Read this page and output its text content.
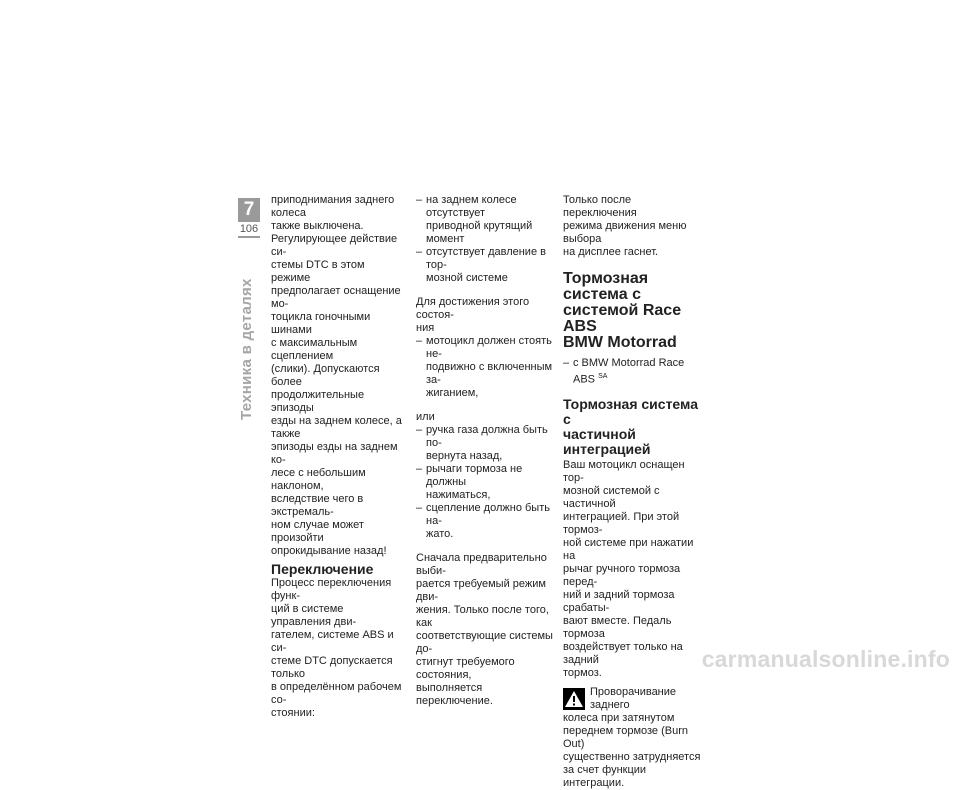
7
106
Техника в деталях
приподнимания заднего колеса
также выключена.
Регулирующее действие си-
стемы DTC в этом режиме
предполагает оснащение мо-
тоцикла гоночными шинами
с максимальным сцеплением
(слики). Допускаются более
продолжительные эпизоды
езды на заднем колесе, а также
эпизоды езды на заднем ко-
лесе с небольшим наклоном,
вследствие чего в экстремаль-
ном случае может произойти
опрокидывание назад!
Переключение
Процесс переключения функ-
ций в системе управления дви-
гателем, системе ABS и си-
стеме DTC допускается только
в определённом рабочем со-
стоянии:
– на заднем колесе отсутствует
приводной крутящий момент
– отсутствует давление в тор-
мозной системе
Для достижения этого состоя-
ния
– мотоцикл должен стоять не-
подвижно с включенным за-
жиганием,
или
– ручка газа должна быть по-
вернута назад,
– рычаги тормоза не должны
нажиматься,
– сцепление должно быть на-
жато.
Сначала предварительно выби-
рается требуемый режим дви-
жения. Только после того, как
соответствующие системы до-
стигнут требуемого состояния,
выполняется переключение.
Только после переключения
режима движения меню выбора
на дисплее гаснет.
Тормозная система с
системой Race ABS
BMW Motorrad
– с BMW Motorrad Race ABS $^{SA}$
Тормозная система с
частичной интеграцией
Ваш мотоцикл оснащен тор-
мозной системой с частичной
интеграцией. При этой тормоз-
ной системе при нажатии на
рычаг ручного тормоза перед-
ний и задний тормоза срабаты-
вают вместе. Педаль тормоза
воздействует только на задний
тормоз.
Проворачивание заднего
колеса при затянутом
переднем тормозе (Burn Out)
существенно затрудняется
за счет функции интеграции.
carmanualsonline.info
